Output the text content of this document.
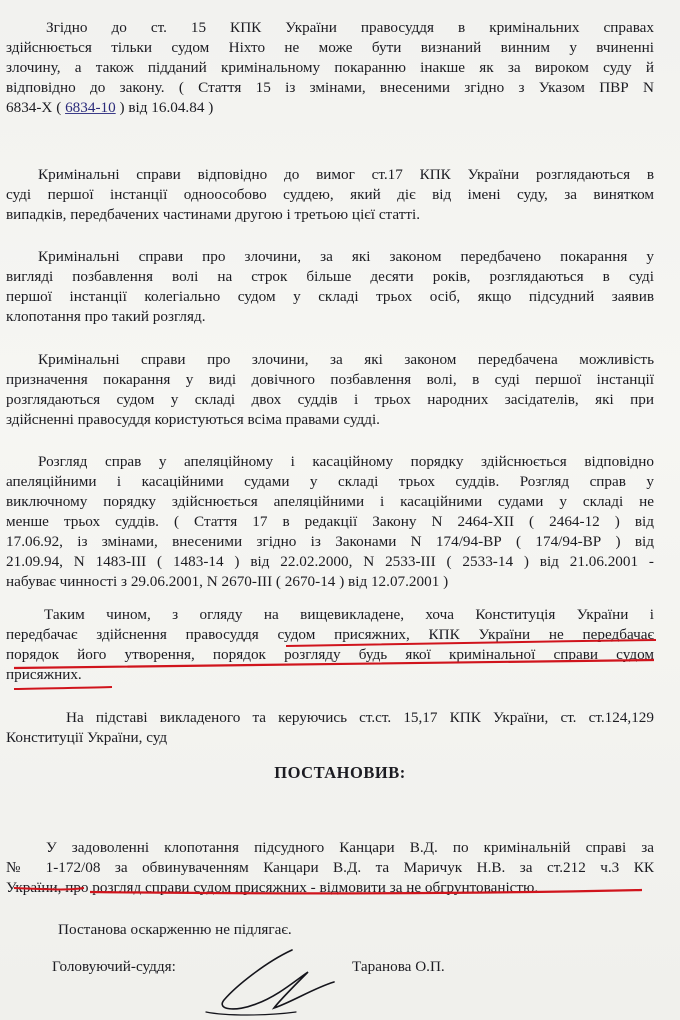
Згідно до ст. 15 КПК України правосуддя в кримінальних справах
здійснюється тільки судом Ніхто не може бути визнаний винним у вчиненні
злочину, а також підданий кримінальному покаранню інакше як за вироком суду й
відповідно до закону. ( Стаття 15 із змінами, внесеними згідно з Указом ПВР N
6834-X ( 6834-10 ) від 16.04.84 )
Кримінальні справи відповідно до вимог ст.17 КПК України розглядаються в
суді першої інстанції одноособово суддею, який діє від імені суду, за винятком
випадків, передбачених частинами другою і третьою цієї статті.
Кримінальні справи про злочини, за які законом передбачено покарання у
вигляді позбавлення волі на строк більше десяти років, розглядаються в суді
першої інстанції колегіально судом у складі трьох осіб, якщо підсудний заявив
клопотання про такий розгляд.
Кримінальні справи про злочини, за які законом передбачена можливість
призначення покарання у виді довічного позбавлення волі, в суді першої інстанції
розглядаються судом у складі двох суддів і трьох народних засідателів, які при
здійсненні правосуддя користуються всіма правами судді.
Розгляд справ у апеляційному і касаційному порядку здійснюється відповідно
апеляційними і касаційними судами у складі трьох суддів. Розгляд справ у
виключному порядку здійснюється апеляційними і касаційними судами у складі не
менше трьох суддів. ( Стаття 17 в редакції Закону N 2464-XII ( 2464-12 ) від
17.06.92, із змінами, внесеними згідно із Законами N 174/94-ВР ( 174/94-ВР ) від
21.09.94, N 1483-III ( 1483-14 ) від 22.02.2000, N 2533-III ( 2533-14 ) від 21.06.2001 -
набуває чинності з 29.06.2001, N 2670-III ( 2670-14 ) від 12.07.2001 )
Таким чином, з огляду на вищевикладене, хоча Конституція України і
передбачає здійснення правосуддя судом присяжних, КПК України не передбачає
порядок його утворення, порядок розгляду будь якої кримінальної справи судом
присяжних.
На підставі викладеного та керуючись ст.ст. 15,17 КПК України, ст. ст.124,129
Конституції України, суд
ПОСТАНОВИВ:
У задоволенні клопотання підсудного Канцари В.Д. по кримінальній справі за
№ 1-172/08 за обвинуваченням Канцари В.Д. та Маричук Н.В. за ст.212 ч.3 КК
України, про розгляд справи судом присяжних - відмовити за не обгрунтованістю.
Постанова оскарженню не підлягає.
Головуючий-суддя:	Таранова О.П.
